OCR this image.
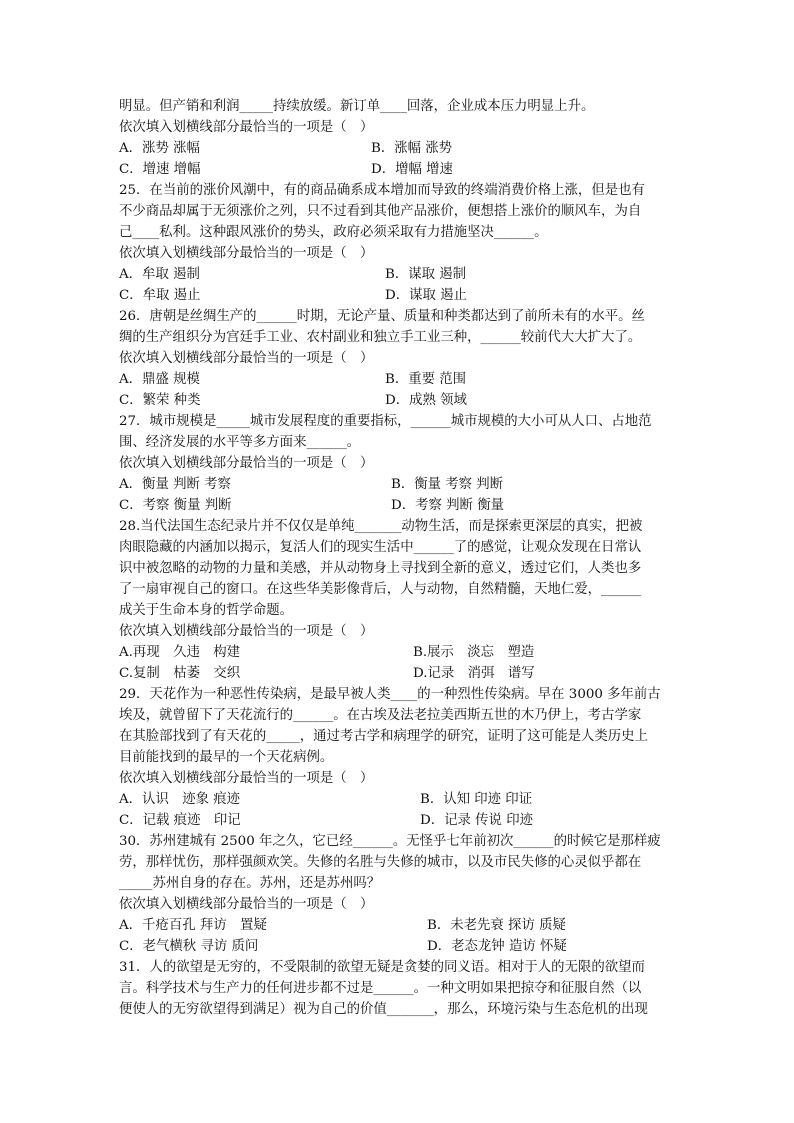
明显。但产销和利润_____持续放缓。新订单____回落，企业成本压力明显上升。
依次填入划横线部分最恰当的一项是（　）
A．涨势 涨幅	B．涨幅 涨势
C．增速 增幅	D．增幅 增速
25．在当前的涨价风潮中，有的商品确系成本增加而导致的终端消费价格上涨，但是也有
不少商品却属于无须涨价之列，只不过看到其他产品涨价，便想搭上涨价的顺风车，为自
己____私利。这种跟风涨价的势头，政府必须采取有力措施坚决______。
依次填入划横线部分最恰当的一项是（　）
A．牟取 遏制	B．谋取 遏制
C．牟取 遏止	D．谋取 遏止
26．唐朝是丝绸生产的______时期，无论产量、质量和种类都达到了前所未有的水平。丝
绸的生产组织分为宫廷手工业、农村副业和独立手工业三种，______较前代大大扩大了。
依次填入划横线部分最恰当的一项是（　）
A．鼎盛 规模	B．重要 范围
C．繁荣 种类	D．成熟 领域
27．城市规模是_____城市发展程度的重要指标，______城市规模的大小可从人口、占地范
围、经济发展的水平等多方面来______。
依次填入划横线部分最恰当的一项是（　）
A．衡量 判断 考察	B．衡量 考察 判断
C．考察 衡量 判断	D．考察 判断 衡量
28.当代法国生态纪录片并不仅仅是单纯_______动物生活，而是探索更深层的真实，把被
肉眼隐藏的内涵加以揭示，复活人们的现实生活中______了的感觉，让观众发现在日常认
识中被忽略的动物的力量和美感，并从动物身上寻找到全新的意义，透过它们，人类也多
了一扇审视自己的窗口。在这些华美影像背后，人与动物，自然精髓，天地仁爱，______
成关于生命本身的哲学命题。
依次填入划横线部分最恰当的一项是（　）
A.再现　久违　构建	B.展示　淡忘　塑造
C.复制　枯萎　交织	D.记录　消弭　谱写
29．天花作为一种恶性传染病，是最早被人类____的一种烈性传染病。早在 3000 多年前古
埃及，就曾留下了天花流行的______。在古埃及法老拉美西斯五世的木乃伊上，考古学家
在其脸部找到了有天花的_____，通过考古学和病理学的研究，证明了这可能是人类历史上
目前能找到的最早的一个天花病例。
依次填入划横线部分最恰当的一项是（　）
A．认识　迹象 痕迹	B．认知 印迹 印证
C．记载 痕迹　印记	D．记录 传说 印迹
30．苏州建城有 2500 年之久，它已经______。无怪乎七年前初次______的时候它是那样疲
劳，那样忧伤，那样强颜欢笑。失修的名胜与失修的城市，以及市民失修的心灵似乎都在
_____苏州自身的存在。苏州，还是苏州吗？
依次填入划横线部分最恰当的一项是（　）
A．千疮百孔 拜访　置疑	B．未老先衰 探访 质疑
C．老气横秋 寻访 质问	D．老态龙钟 造访 怀疑
31．人的欲望是无穷的，不受限制的欲望无疑是贪婪的同义语。相对于人的无限的欲望而
言。科学技术与生产力的任何进步都不过是______。一种文明如果把掠夺和征服自然（以
便使人的无穷欲望得到满足）视为自己的价值_______，那么，环境污染与生态危机的出现
